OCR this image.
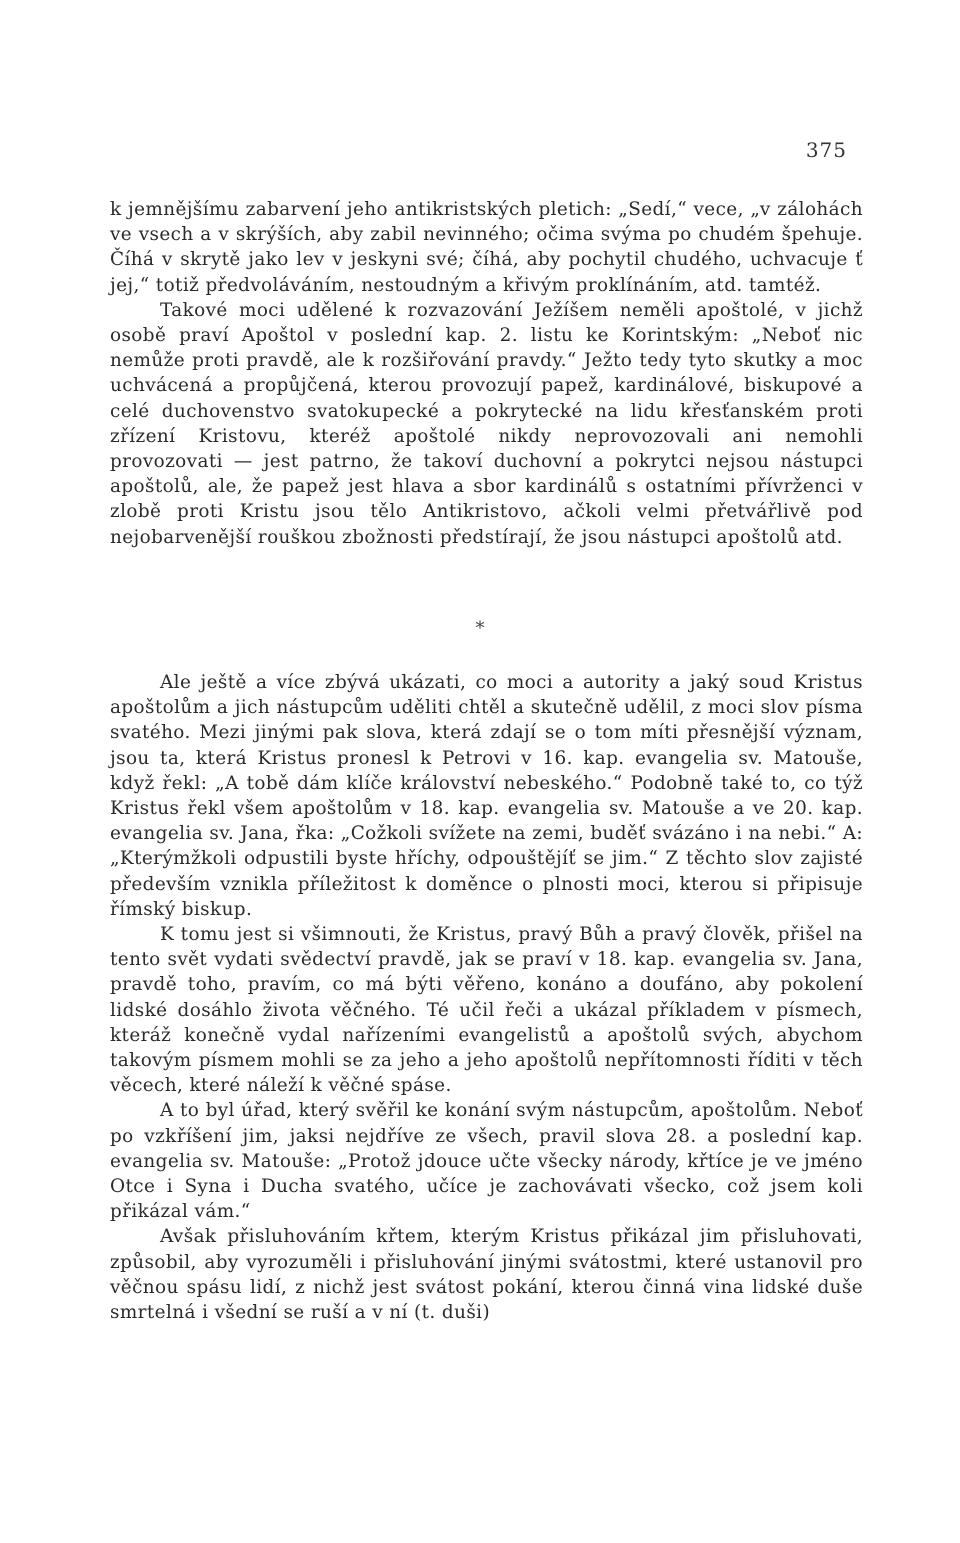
375

k jemnějšímu zabarvení jeho antikristských pletich: „Sedí,“ vece, „v zálohách ve vsech a v skrýších, aby zabil nevinného; očima svýma po chudém špehuje. Číhá v skrytě jako lev v jeskyni své; číhá, aby pochytil chudého, uchvacuje ť jej,“ totiž předvoláváním, nestoudným a křivým proklínáním, atd. tamtéž.

Takové moci udělené k rozvazování Ježíšem neměli apoštolé, v jichž osobě praví Apoštol v poslední kap. 2. listu ke Korintským: „Neboť nic nemůže proti pravdě, ale k rozšiřování pravdy.“ Ježto tedy tyto skutky a moc uchvácená a propůjčená, kterou provozují papež, kardinálové, biskupové a celé duchovenstvo svatokupecké a pokrytecké na lidu křesťanském proti zřízení Kristovu, kteréž apoštolé nikdy neprovozovali ani nemohli provozovati — jest patrno, že takoví duchovní a pokrytci nejsou nástupci apoštolů, ale, že papež jest hlava a sbor kardinálů s ostatními přívrženci v zlobě proti Kristu jsou tělo Antikristovo, ačkoli velmi přetvářlivě pod nejobarvenější rouškou zbožnosti předstírají, že jsou nástupci apoštolů atd.

*

Ale ještě a více zbývá ukázati, co moci a autority a jaký soud Kristus apoštolům a jich nástupcům uděliti chtěl a skutečně udělil, z moci slov písma svatého. Mezi jinými pak slova, která zdají se o tom míti přesnější význam, jsou ta, která Kristus pronesl k Petrovi v 16. kap. evangelia sv. Matouše, když řekl: „A tobě dám klíče království nebeského.“ Podobně také to, co týž Kristus řekl všem apoštolům v 18. kap. evangelia sv. Matouše a ve 20. kap. evangelia sv. Jana, řka: „Cožkoli svížete na zemi, buděť svázáno i na nebi.“ A: „Kterýmžkoli odpustili byste hříchy, odpouštějíť se jim.“ Z těchto slov zajisté především vznikla příležitost k doměnce o plnosti moci, kterou si připisuje římský biskup.

K tomu jest si všimnouti, že Kristus, pravý Bůh a pravý člověk, přišel na tento svět vydati svědectví pravdě, jak se praví v 18. kap. evangelia sv. Jana, pravdě toho, pravím, co má býti věřeno, konáno a doufáno, aby pokolení lidské dosáhlo života věčného. Té učil řeči a ukázal příkladem v písmech, kteráž konečně vydal nařízeními evangelistů a apoštolů svých, abychom takovým písmem mohli se za jeho a jeho apoštolů nepřítomnosti říditi v těch věcech, které náleží k věčné spáse.

A to byl úřad, který svěřil ke konání svým nástupcům, apoštolům. Neboť po vzkříšení jim, jaksi nejdříve ze všech, pravil slova 28. a poslední kap. evangelia sv. Matouše: „Protož jdouce učte všecky národy, křtíce je ve jméno Otce i Syna i Ducha svatého, učíce je zachovávati všecko, což jsem koli přikázal vám.“

Avšak přisluhováním křtem, kterým Kristus přikázal jim přisluhovati, způsobil, aby vyrozuměli i přisluhování jinými svátostmi, které ustanovil pro věčnou spásu lidí, z nichž jest svátost pokání, kterou činná vina lidské duše smrtelná i všední se ruší a v ní (t. duši)
